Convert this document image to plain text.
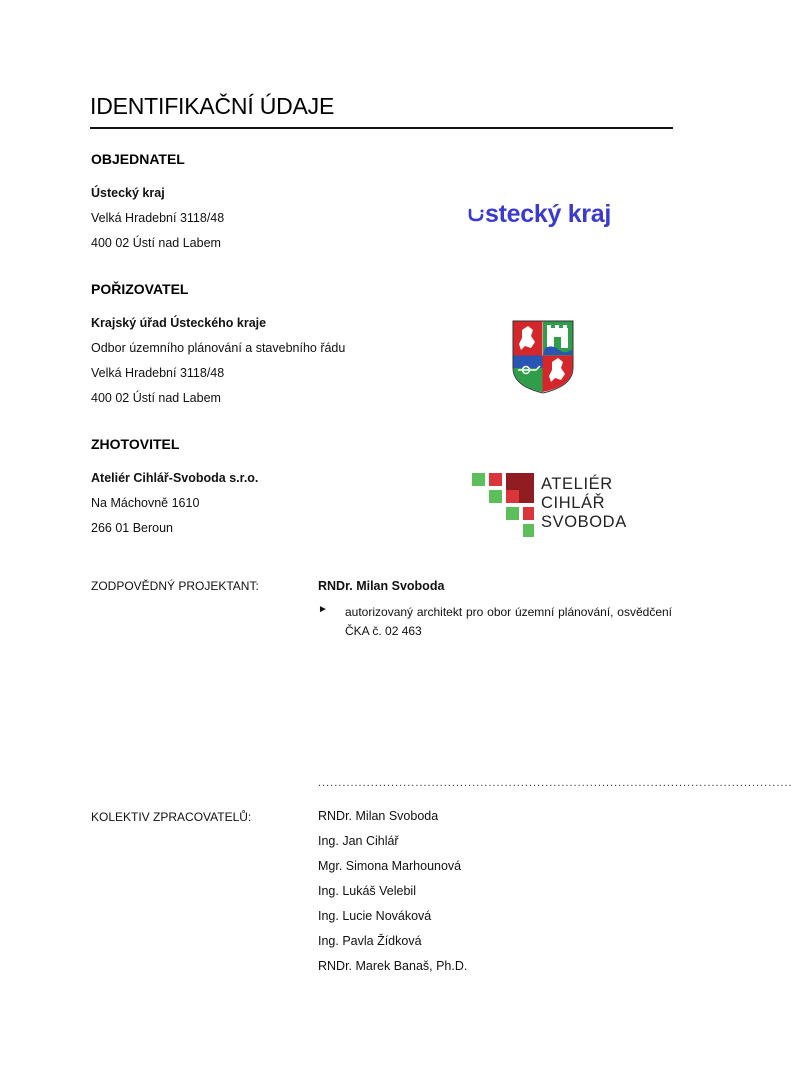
IDENTIFIKAČNÍ ÚDAJE
OBJEDNATEL
Ústecký kraj
Velká Hradební 3118/48
400 02 Ústí nad Labem
stecký kraj
POŘIZOVATEL
Krajský úřad Ústeckého kraje
Odbor územního plánování a stavebního řádu
Velká Hradební 3118/48
400 02 Ústí nad Labem
ZHOTOVITEL
Ateliér Cihlář-Svoboda s.r.o.
Na Máchovně 1610
266 01 Beroun
ATELIÉR
CIHLÁŘ
SVOBODA
ZODPOVĚDNÝ PROJEKTANT:	RNDr. Milan Svoboda
► autorizovaný architekt pro obor územní plánování, osvědčení ČKA č. 02 463
.....................................................................................................................
KOLEKTIV ZPRACOVATELŮ:	RNDr. Milan Svoboda
Ing. Jan Cihlář
Mgr. Simona Marhounová
Ing. Lukáš Velebil
Ing. Lucie Nováková
Ing. Pavla Žídková
RNDr. Marek Banaš, Ph.D.
